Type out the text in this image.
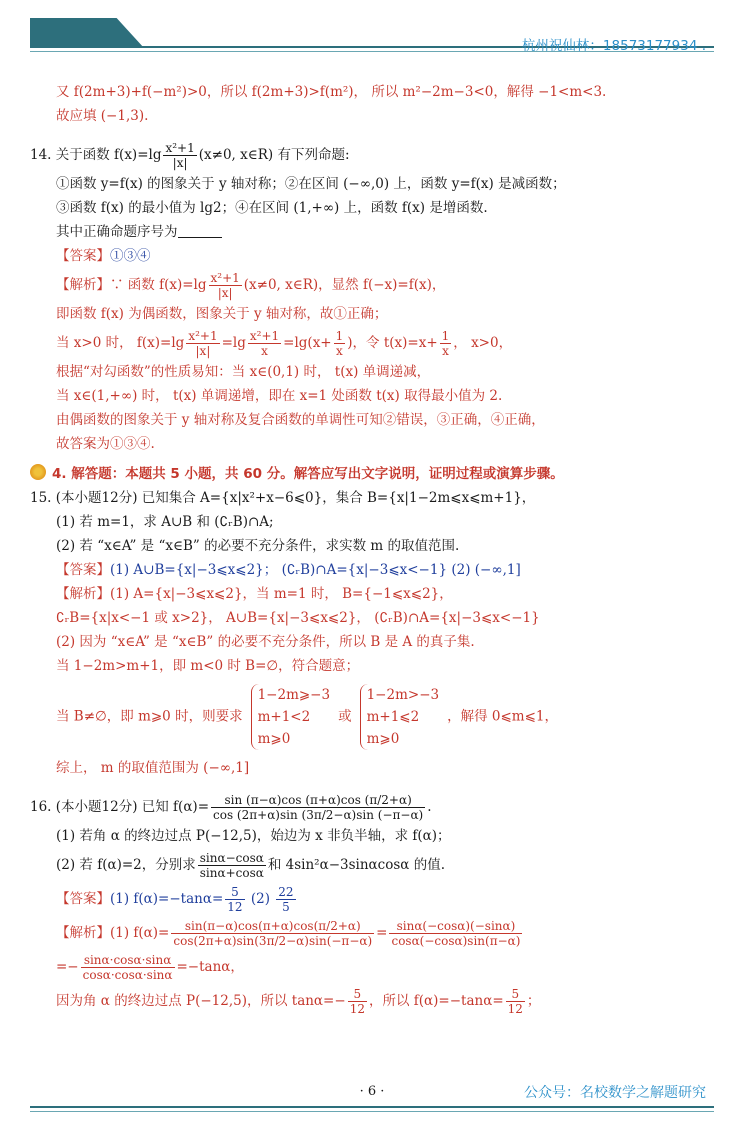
杭州祝仙林：18573177934 .
又 f(2m+3)+f(−m²)>0，所以 f(2m+3)>f(m²)， 所以 m²−2m−3<0，解得 −1<m<3.
故应填 (−1,3).
14. 关于函数 $f(x)=\lg \frac{\text{x²+1}}{|x|} (x\ne 0$, x∈R) 有下列命题:
①函数 y=f(x) 的图象关于 y 轴对称；②在区间 (−∞,0) 上，函数 y=f(x) 是减函数；
③函数 f(x) 的最小值为 lg2；④在区间 (1,+∞) 上，函数 f(x) 是增函数.
其中正确命题序号为
【答案】①③④
【解析】∵ 函数 $f(x)=\lg \frac{\text{x²+1}}{|x|} (x\ne 0$, x∈R)，显然 f(−x)=f(x)，
即函数 f(x) 为偶函数，图象关于 y 轴对称，故①正确；
当 x>0 时， $f(x)=\lg \frac{\text{x²+1}}{|x|} =\lg \frac{\text{x²+1}}{x} =\lg(x+ \frac{1}{x}$ )，令 $t(x)=x+ \frac{1}{x}$ ， x>0，
根据“对勾函数”的性质易知：当 x∈(0,1) 时， t(x) 单调递减，
当 x∈(1,+∞) 时， t(x) 单调递增，即在 x=1 处函数 t(x) 取得最小值为 2.
由偶函数的图象关于 y 轴对称及复合函数的单调性可知②错误，③正确，④正确，
故答案为①③④.
4. 解答题：本题共 5 小题，共 60 分。解答应写出文字说明，证明过程或演算步骤。
15. (本小题12分) 已知集合 A={x|x²+x−6⩽0}，集合 B={x|1−2m⩽x⩽m+1}，
(1) 若 m=1，求 A∪B 和 (∁ᵣB)∩A;
(2) 若 “x∈A” 是 “x∈B” 的必要不充分条件，求实数 m 的取值范围.
【答案】(1) A∪B={x|−3⩽x⩽2}； (∁ᵣB)∩A={x|−3⩽x<−1} (2) (−∞,1]
【解析】(1) A={x|−3⩽x⩽2}，当 m=1 时， B={−1⩽x⩽2}，
∁ᵣB={x|x<−1 或 x>2}， A∪B={x|−3⩽x⩽2}， (∁ᵣB)∩A={x|−3⩽x<−1}
(2) 因为 “x∈A” 是 “x∈B” 的必要不充分条件，所以 B 是 A 的真子集.
当 1−2m>m+1，即 m<0 时 B=∅，符合题意；
当 B≠∅，即 m⩾0 时，则要求
1−2m⩾−3
m+1<2
m⩾0
或
1−2m>−3
m+1⩽2
m⩾0
，解得 0⩽m⩽1，
综上， m 的取值范围为 (−∞,1]
16. (本小题12分) 已知 $f(\alpha)= \frac{\sin (\pi-\alpha)\cos (\pi+\alpha)\cos (\pi/2+\alpha)}{\cos (2\pi+\alpha)\sin (3\pi/2-\alpha)\sin (-\pi-\alpha)}$ .
(1) 若角 α 的终边过点 P(−12,5)，始边为 x 非负半轴，求 f(α)；
(2) 若 f(α)=2，分别求 $\frac{\sin\alpha-\cos\alpha}{\sin\alpha+\cos\alpha}$ 和 4sin²α−3sinαcosα 的值.
【答案】(1) $f(\alpha)=-\tan\alpha= \frac{5}{12} (2) \frac{22}{5}$
【解析】(1) $f(\alpha)= \frac{\sin(\pi-\alpha)\cos(\pi+\alpha)\cos(\pi/2+\alpha)}{\cos(2\pi+\alpha)\sin(3\pi/2-\alpha)\sin(-\pi-\alpha)} = \frac{\sin\alpha(-\cos\alpha)(-\sin\alpha)}{\cos\alpha(-\cos\alpha)\sin(\pi-\alpha)}$
=− $\frac{\sin\alpha\cdot\cos\alpha\cdot\sin\alpha}{\cos\alpha\cdot\cos\alpha\cdot\sin\alpha} =-\tan\alpha$，
因为角 α 的终边过点 P(−12,5)，所以 $\tan\alpha=- \frac{5}{12}$ ，所以 $f(\alpha)=-\tan\alpha= \frac{5}{12}$ ；
· 6 ·	公众号：名校数学之解题研究
